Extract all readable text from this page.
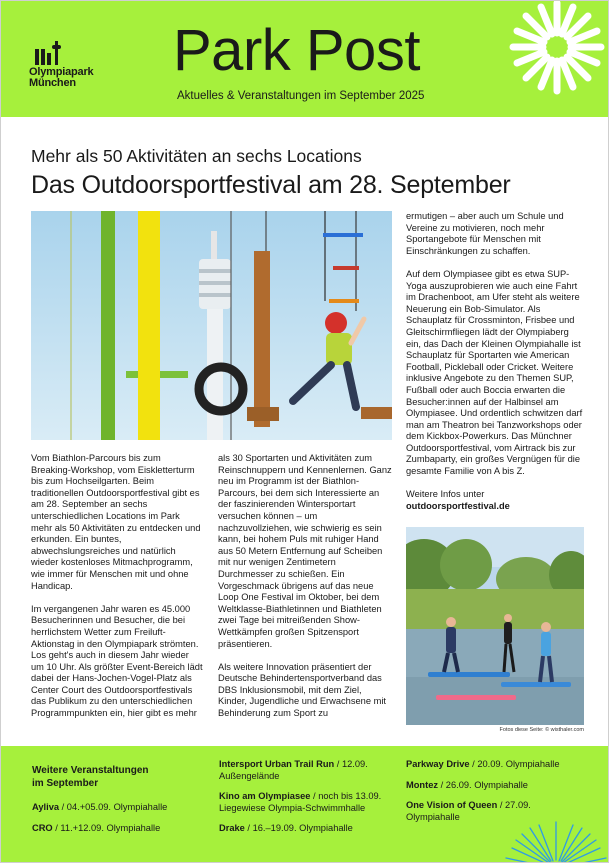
Olympiapark
München	Park Post
Aktuelles & Veranstaltungen im September 2025
Mehr als 50 Aktivitäten an sechs Locations
Das Outdoorsportfestival am 28. September

Vom Biathlon-Parcours bis zum Breaking-Workshop, vom Eiskletterturm bis zum Hochseilgarten. Beim traditionellen Outdoorsportfestival gibt es am 28. September an sechs unterschiedlichen Locations im Park mehr als 50 Aktivitäten zu entdecken und erkunden. Ein buntes, abwechslungsreiches und natürlich wieder kostenloses Mitmachprogramm, wie immer für Menschen mit und ohne Handicap.

Im vergangenen Jahr waren es 45.000 Besucherinnen und Besucher, die bei herrlichstem Wetter zum Freiluft-Aktionstag in den Olympiapark strömten. Los geht's auch in diesem Jahr wieder um 10 Uhr. Als größter Event-Bereich lädt dabei der Hans-Jochen-Vogel-Platz als Center Court des Outdoorsportfestivals das Publikum zu den unterschiedlichen Programmpunkten ein, hier gibt es mehr

als 30 Sportarten und Aktivitäten zum Reinschnuppern und Kennenlernen. Ganz neu im Programm ist der Biathlon-Parcours, bei dem sich Interessierte an der faszinierenden Wintersportart versuchen können – um nachzuvollziehen, wie schwierig es sein kann, bei hohem Puls mit ruhiger Hand aus 50 Metern Entfernung auf Scheiben mit nur wenigen Zentimetern Durchmesser zu schießen. Ein Vorgeschmack übrigens auf das neue Loop One Festival im Oktober, bei dem Weltklasse-Biathletinnen und Biathleten zwei Tage bei mitreißenden Show-Wettkämpfen großen Spitzensport präsentieren.

Als weitere Innovation präsentiert der Deutsche Behindertensportverband das DBS Inklusionsmobil, mit dem Ziel, Kinder, Jugendliche und Erwachsene mit Behinderung zum Sport zu

ermutigen – aber auch um Schule und Vereine zu motivieren, noch mehr Sportangebote für Menschen mit Einschränkungen zu schaffen.

Auf dem Olympiasee gibt es etwa SUP-Yoga auszuprobieren wie auch eine Fahrt im Drachenboot, am Ufer steht als weitere Neuerung ein Bob-Simulator. Als Schauplatz für Crossminton, Frisbee und Gleitschirmfliegen lädt der Olympiaberg ein, das Dach der Kleinen Olympiahalle ist Schauplatz für Sportarten wie American Football, Pickleball oder Cricket. Weitere inklusive Angebote zu den Themen SUP, Fußball oder auch Boccia erwarten die Besucher:innen auf der Halbinsel am Olympiasee. Und ordentlich schwitzen darf man am Theatron bei Tanzworkshops oder dem Kickbox-Powerkurs. Das Münchner Outdoorsportfestival, vom Airtrack bis zur Zumbaparty, ein großes Vergnügen für die gesamte Familie von A bis Z.

Weitere Infos unter outdoorsportfestival.de

Fotos diese Seite: © wisthaler.com
Weitere Veranstaltungen
im September
Ayliva / 04.+05.09. Olympiahalle
CRO / 11.+12.09. Olympiahalle
Intersport Urban Trail Run / 12.09. Außengelände
Kino am Olympiasee / noch bis 13.09. Liegewiese Olympia-Schwimmhalle
Drake / 16.–19.09. Olympiahalle
Parkway Drive / 20.09. Olympiahalle
Montez / 26.09. Olympiahalle
One Vision of Queen / 27.09. Olympiahalle
